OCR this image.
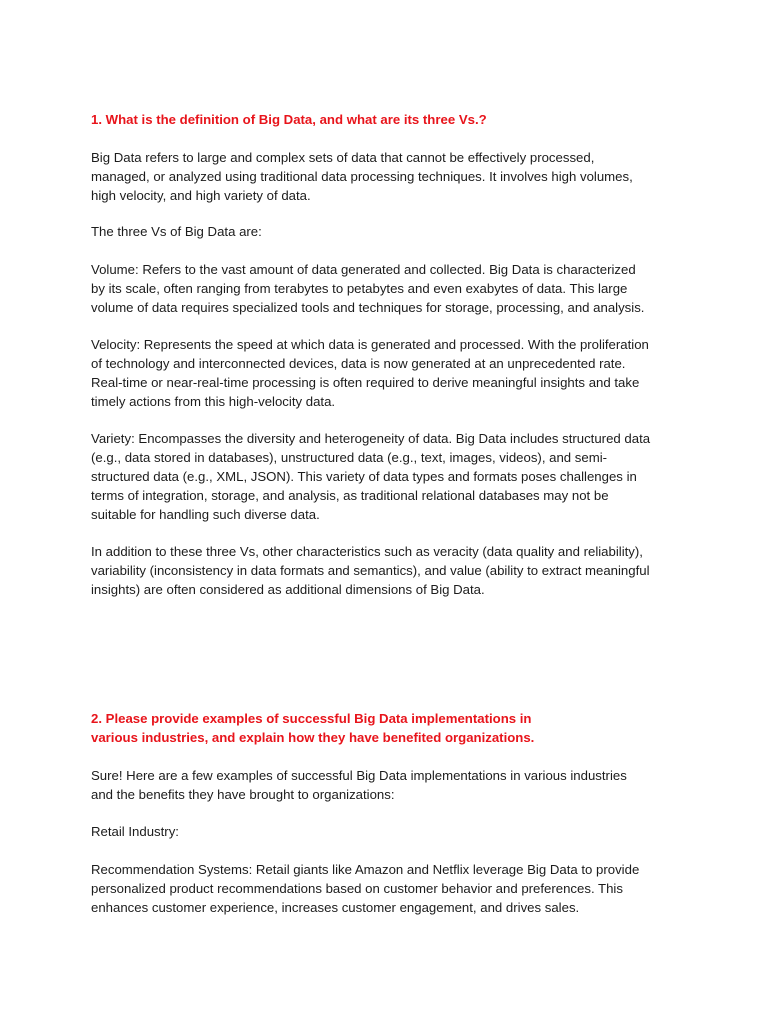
1. What is the definition of Big Data, and what are its three Vs.?

Big Data refers to large and complex sets of data that cannot be effectively processed,
managed, or analyzed using traditional data processing techniques. It involves high volumes,
high velocity, and high variety of data.

The three Vs of Big Data are:

Volume: Refers to the vast amount of data generated and collected. Big Data is characterized
by its scale, often ranging from terabytes to petabytes and even exabytes of data. This large
volume of data requires specialized tools and techniques for storage, processing, and analysis.

Velocity: Represents the speed at which data is generated and processed. With the proliferation
of technology and interconnected devices, data is now generated at an unprecedented rate.
Real-time or near-real-time processing is often required to derive meaningful insights and take
timely actions from this high-velocity data.

Variety: Encompasses the diversity and heterogeneity of data. Big Data includes structured data
(e.g., data stored in databases), unstructured data (e.g., text, images, videos), and semi-
structured data (e.g., XML, JSON). This variety of data types and formats poses challenges in
terms of integration, storage, and analysis, as traditional relational databases may not be
suitable for handling such diverse data.

In addition to these three Vs, other characteristics such as veracity (data quality and reliability),
variability (inconsistency in data formats and semantics), and value (ability to extract meaningful
insights) are often considered as additional dimensions of Big Data.

2. Please provide examples of successful Big Data implementations in
various industries, and explain how they have benefited organizations.

Sure! Here are a few examples of successful Big Data implementations in various industries
and the benefits they have brought to organizations:

Retail Industry:

Recommendation Systems: Retail giants like Amazon and Netflix leverage Big Data to provide
personalized product recommendations based on customer behavior and preferences. This
enhances customer experience, increases customer engagement, and drives sales.
